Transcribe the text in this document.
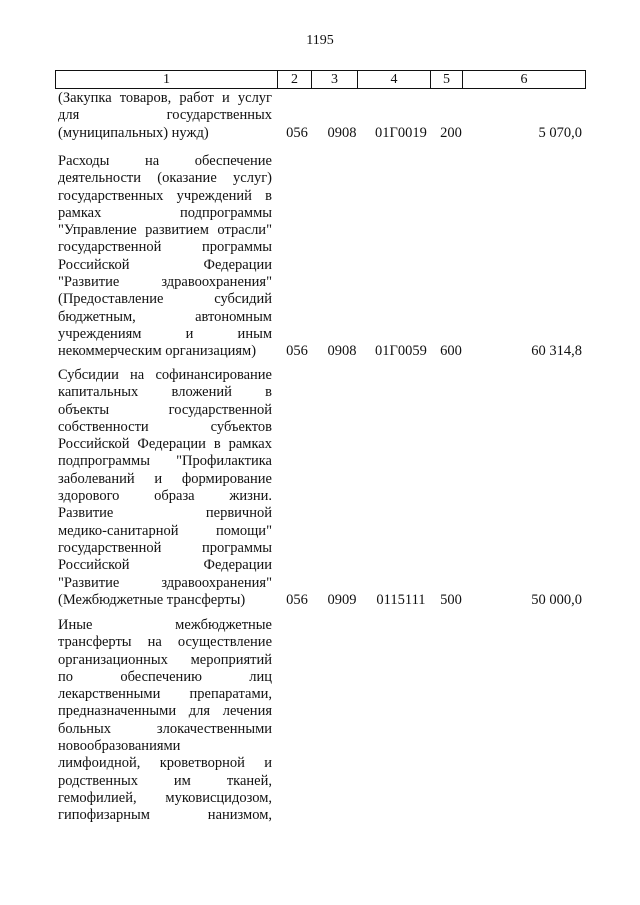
1195
1	2	3	4	5	6
(Закупка товаров, работ и услуг
для государственных
(муниципальных) нужд)	056	0908	01Г0019 200	5 070,0
Расходы на обеспечение
деятельности (оказание услуг)
государственных учреждений в
рамках подпрограммы
"Управление развитием отрасли"
государственной программы
Российской Федерации
"Развитие здравоохранения"
(Предоставление субсидий
бюджетным, автономным
учреждениям и иным
некоммерческим организациям)	056	0908	01Г0059 600	60 314,8
Субсидии на софинансирование
капитальных вложений в
объекты государственной
собственности субъектов
Российской Федерации в рамках
подпрограммы "Профилактика
заболеваний и формирование
здорового образа жизни.
Развитие первичной
медико-санитарной помощи"
государственной программы
Российской Федерации
"Развитие здравоохранения"
(Межбюджетные трансферты)	056	0909	0115111	500	50 000,0
Иные межбюджетные
трансферты на осуществление
организационных мероприятий
по обеспечению лиц
лекарственными препаратами,
предназначенными для лечения
больных злокачественными
новообразованиями
лимфоидной, кроветворной и
родственных им тканей,
гемофилией, муковисцидозом,
гипофизарным нанизмом,
